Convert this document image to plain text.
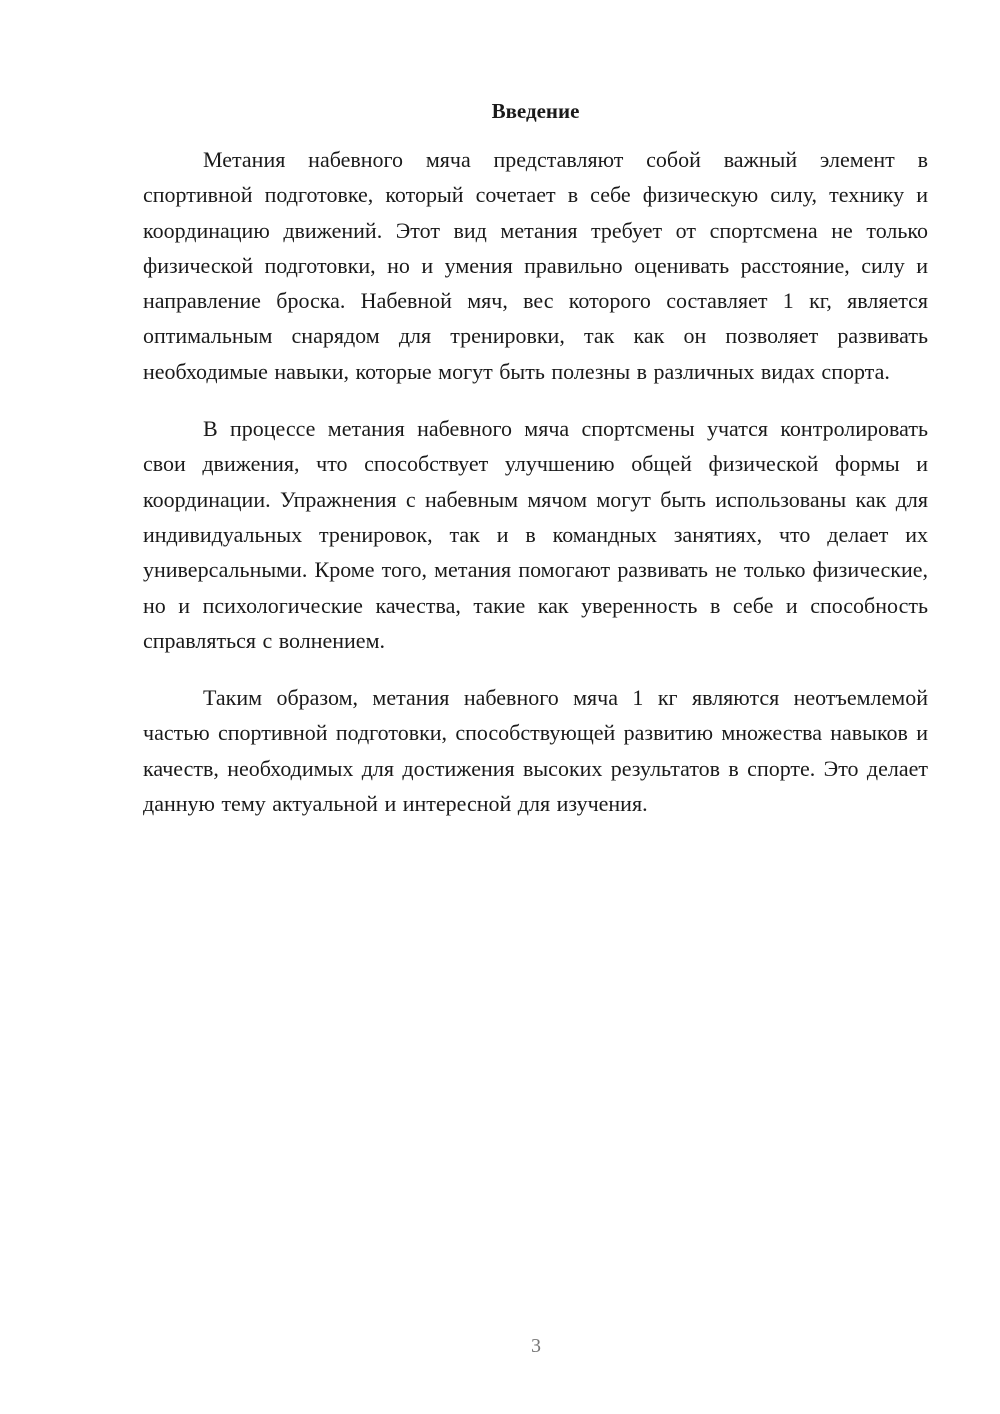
Введение

Метания набевного мяча представляют собой важный элемент в спортивной подготовке, который сочетает в себе физическую силу, технику и координацию движений. Этот вид метания требует от спортсмена не только физической подготовки, но и умения правильно оценивать расстояние, силу и направление броска. Набевной мяч, вес которого составляет 1 кг, является оптимальным снарядом для тренировки, так как он позволяет развивать необходимые навыки, которые могут быть полезны в различных видах спорта.

В процессе метания набевного мяча спортсмены учатся контролировать свои движения, что способствует улучшению общей физической формы и координации. Упражнения с набевным мячом могут быть использованы как для индивидуальных тренировок, так и в командных занятиях, что делает их универсальными. Кроме того, метания помогают развивать не только физические, но и психологические качества, такие как уверенность в себе и способность справляться с волнением.

Таким образом, метания набевного мяча 1 кг являются неотъемлемой частью спортивной подготовки, способствующей развитию множества навыков и качеств, необходимых для достижения высоких результатов в спорте. Это делает данную тему актуальной и интересной для изучения.

3
